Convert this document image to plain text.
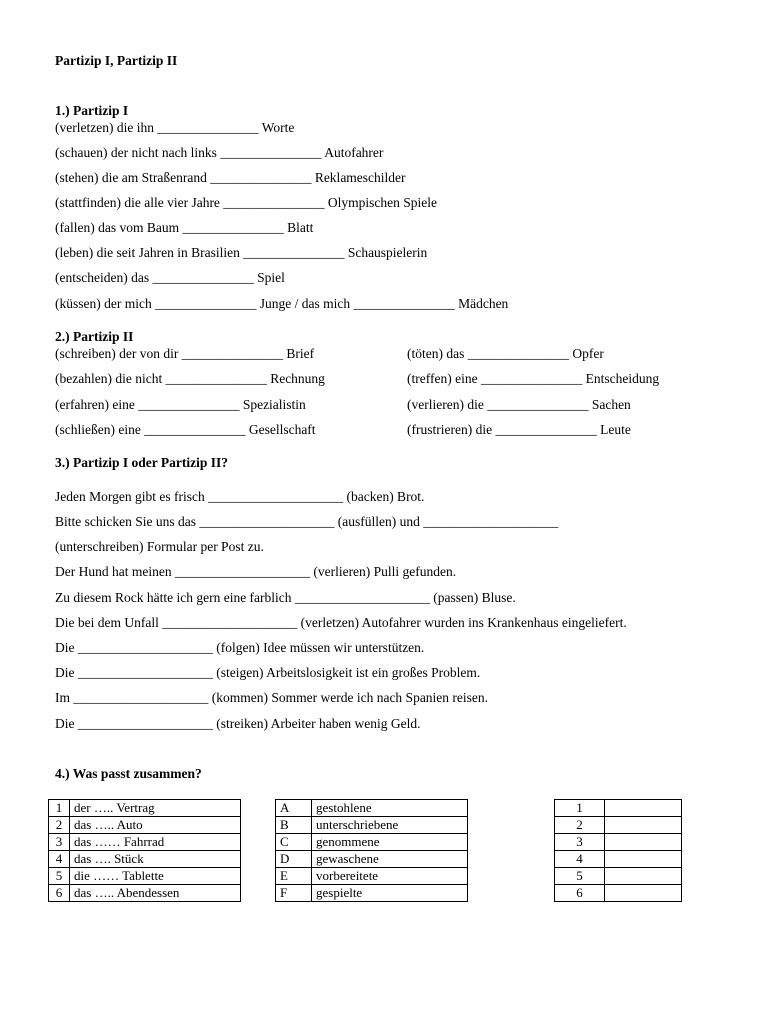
Partizip I, Partizip II
1.) Partizip I
(verletzen) die ihn _______________ Worte
(schauen) der nicht nach links _______________ Autofahrer
(stehen) die am Straßenrand _______________ Reklameschilder
(stattfinden) die alle vier Jahre _______________ Olympischen Spiele
(fallen) das vom Baum _______________ Blatt
(leben) die seit Jahren in Brasilien _______________ Schauspielerin
(entscheiden) das _______________ Spiel
(küssen) der mich _______________ Junge / das mich _______________ Mädchen
2.) Partizip II
(schreiben) der von dir _______________ Brief
(bezahlen) die nicht _______________ Rechnung
(erfahren) eine _______________ Spezialistin
(schließen) eine _______________ Gesellschaft
(töten) das _______________ Opfer
(treffen) eine _______________ Entscheidung
(verlieren) die _______________ Sachen
(frustrieren) die _______________ Leute
3.) Partizip I oder Partizip II?
Jeden Morgen gibt es frisch ____________________ (backen) Brot.
Bitte schicken Sie uns das ____________________ (ausfüllen) und ____________________
(unterschreiben) Formular per Post zu.
Der Hund hat meinen ____________________ (verlieren) Pulli gefunden.
Zu diesem Rock hätte ich gern eine farblich ____________________ (passen) Bluse.
Die bei dem Unfall ____________________ (verletzen) Autofahrer wurden ins Krankenhaus eingeliefert.
Die ____________________ (folgen) Idee müssen wir unterstützen.
Die ____________________ (steigen) Arbeitslosigkeit ist ein großes Problem.
Im ____________________ (kommen) Sommer werde ich nach Spanien reisen.
Die ____________________ (streiken) Arbeiter haben wenig Geld.
4.) Was passt zusammen?
1	der ….. Vertrag
2	das ….. Auto
3	das …… Fahrrad
4	das …. Stück
5	die …… Tablette
6	das ….. Abendessen
A	gestohlene
B	unterschriebene
C	genommene
D	gewaschene
E	vorbereitete
F	gespielte
1	
2	
3	
4	
5	
6	
